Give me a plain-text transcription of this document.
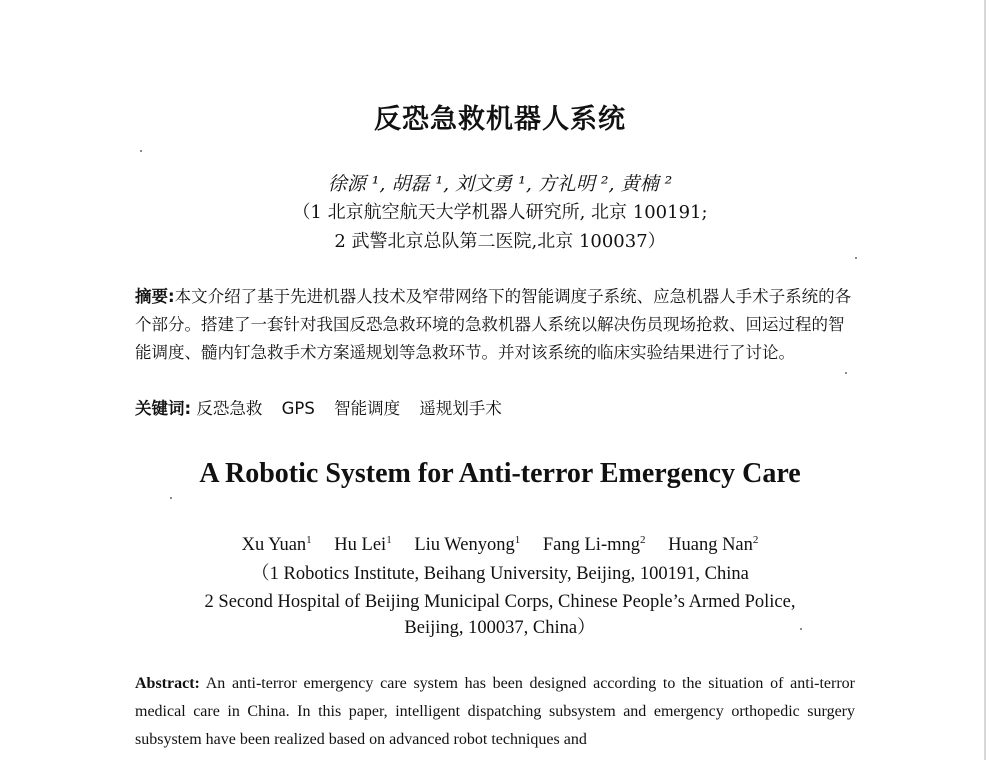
反恐急救机器人系统
徐源 ¹, 胡磊 ¹, 刘文勇 ¹, 方礼明 ², 黄楠 ²
（1 北京航空航天大学机器人研究所, 北京 100191;
2 武警北京总队第二医院,北京 100037）
摘要:本文介绍了基于先进机器人技术及窄带网络下的智能调度子系统、应急机器人手术子系统的各个部分。搭建了一套针对我国反恐急救环境的急救机器人系统以解决伤员现场抢救、回运过程的智能调度、髓内钉急救手术方案遥规划等急救环节。并对该系统的临床实验结果进行了讨论。
关键词: 反恐急救 GPS 智能调度 遥规划手术
A Robotic System for Anti-terror Emergency Care
Xu Yuan$^1$ Hu Lei$^1$ Liu Wenyong$^1$ Fang Li-mng$^2$ Huang Nan$^2$
（1 Robotics Institute, Beihang University, Beijing, 100191, China
2 Second Hospital of Beijing Municipal Corps, Chinese People’s Armed Police,
Beijing, 100037, China）
Abstract: An anti-terror emergency care system has been designed according to the situation of anti-terror medical care in China. In this paper, intelligent dispatching subsystem and emergency orthopedic surgery subsystem have been realized based on advanced robot techniques and
